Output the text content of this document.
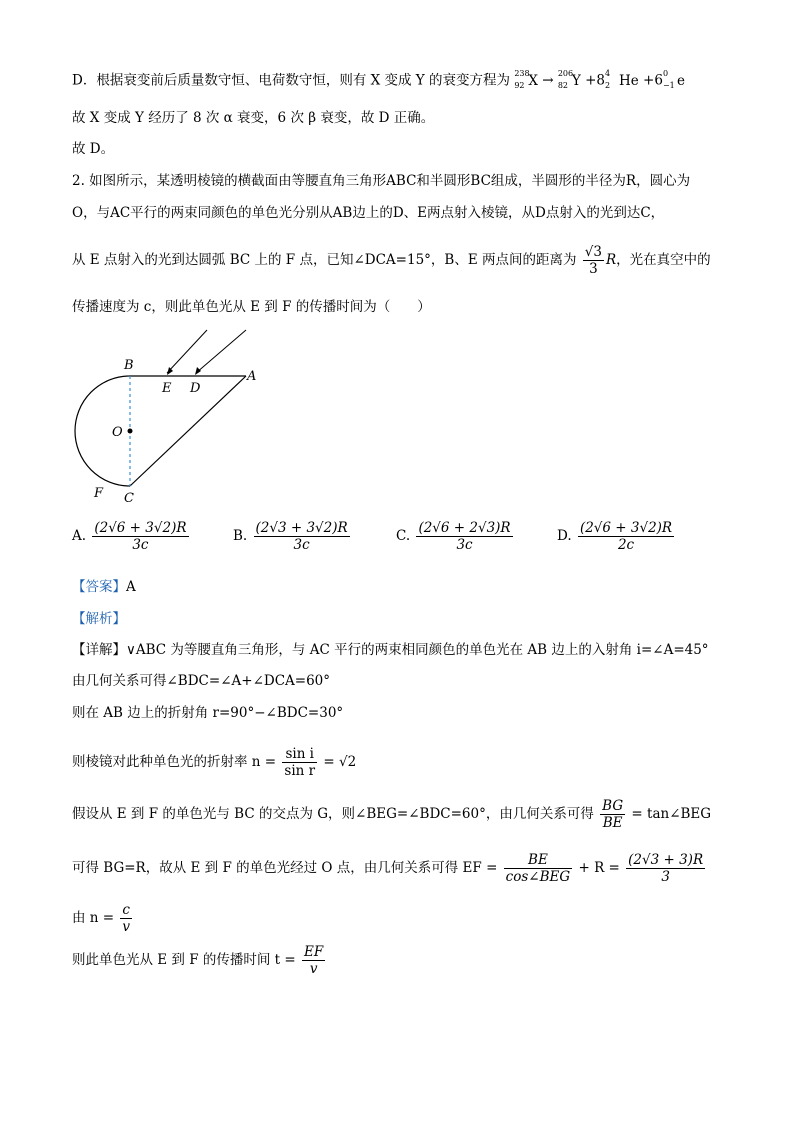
D．根据衰变前后质量数守恒、电荷数守恒，则有 X 变成 Y 的衰变方程为 238
92 X → 206
82 Y +8 4
2 He +6 0
−1 e
故 X 变成 Y 经历了 8 次 α 衰变，6 次 β 衰变，故 D 正确。
故 D。
2. 如图所示，某透明棱镜的横截面由等腰直角三角形ABC和半圆形BC组成，半圆形的半径为R，圆心为
O，与AC平行的两束同颜色的单色光分别从AB边上的D、E两点射入棱镜，从D点射入的光到达C，
从 E 点射入的光到达圆弧 BC 上的 F 点，已知∠DCA=15°，B、E 两点间的距离为 $\frac{√3}{3}$ R，光在真空中的
传播速度为 c，则此单色光从 E 到 F 的传播时间为（　　）
B
A
E D
O
F C
A. $\frac{(2√6 + 3√2)R}{3c}$	B. $\frac{(2√3 + 3√2)R}{3c}$	C. $\frac{(2√6 + 2√3)R}{3c}$	D. $\frac{(2√6 + 3√2)R}{2c}$
【答案】A
【解析】
【详解】∨ABC 为等腰直角三角形，与 AC 平行的两束相同颜色的单色光在 AB 边上的入射角 i=∠A=45°
由几何关系可得∠BDC=∠A+∠DCA=60°
则在 AB 边上的折射角 r=90°−∠BDC=30°
则棱镜对此种单色光的折射率 $n = \frac{\text{sin i}}{\text{sin r}} = √2$
假设从 E 到 F 的单色光与 BC 的交点为 G，则∠BEG=∠BDC=60°，由几何关系可得 $\frac{BG}{BE}$ = tan∠BEG
可得 BG=R，故从 E 到 F 的单色光经过 O 点，由几何关系可得 EF = $\frac{BE}{\text{cos∠BEG}} + R = \frac{(2√3 + 3)R}{3}$
由 $n = \frac{c}{v}$
则此单色光从 E 到 F 的传播时间 $t = \frac{EF}{v}$
